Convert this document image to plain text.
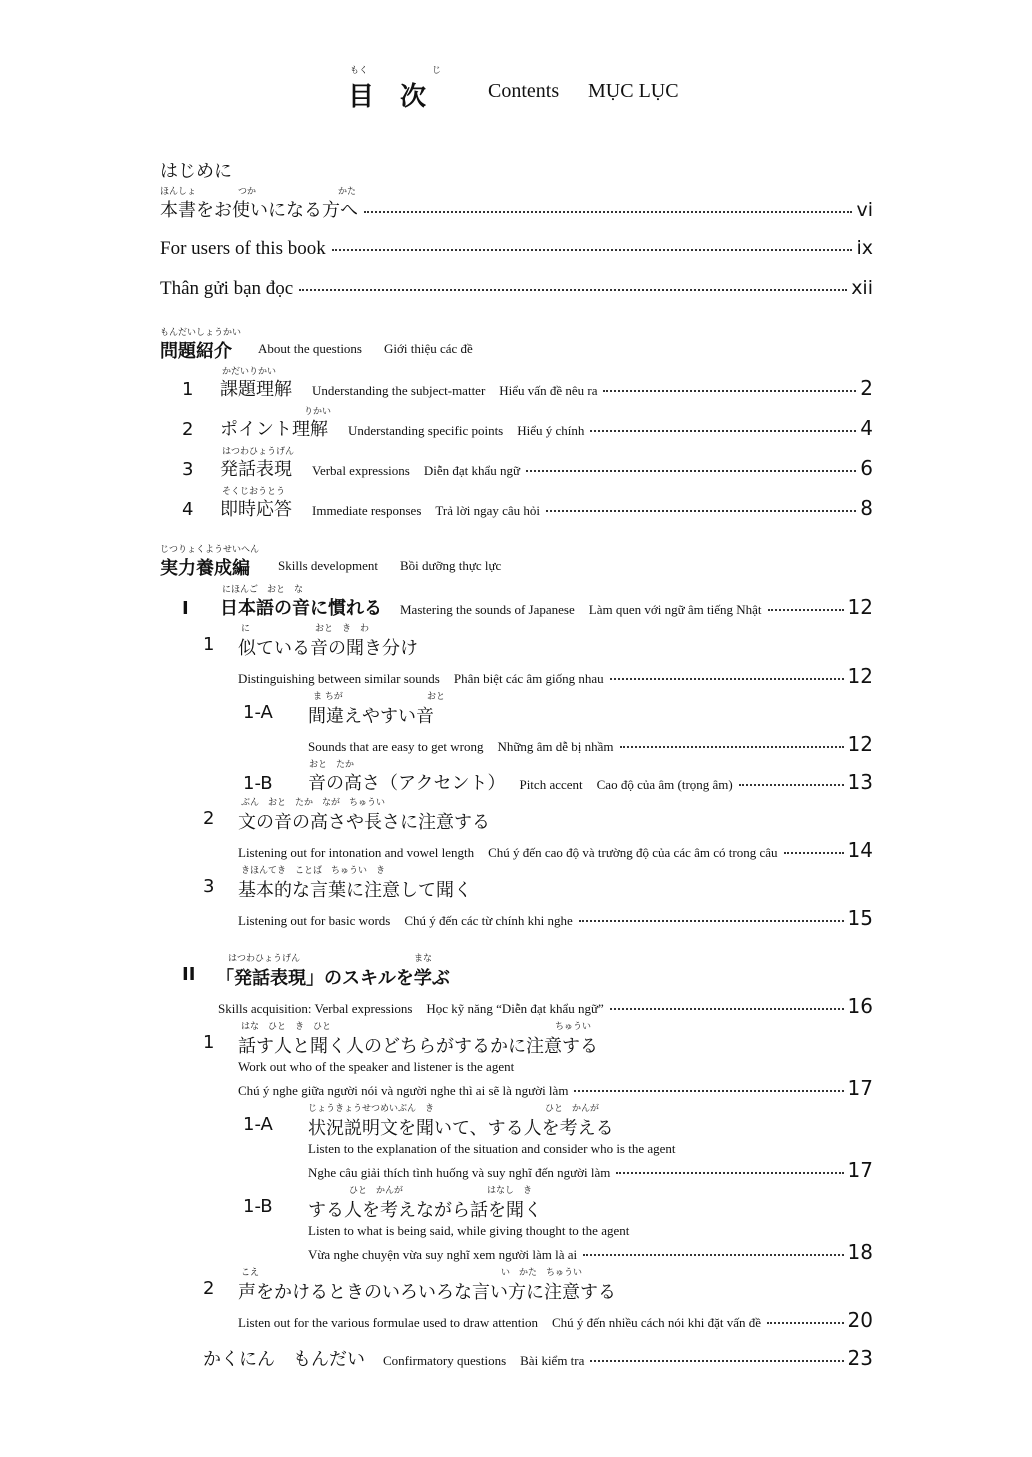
もく	じ
目　次	Contents MỤC LỤC
はじめに
ほんしょ	つか	かた
本書をお使いになる方へ	vi
For users of this book	ix
Thân gửi bạn đọc	xii
もんだいしょうかい
問題紹介 About the questions Giới thiệu các đề
かだいりかい
1	課題理解 Understanding the subject-matter Hiểu vấn đề nêu ra	2
りかい
2	ポイント理解 Understanding specific points Hiểu ý chính	4
はつわひょうげん
3	発話表現 Verbal expressions Diễn đạt khẩu ngữ	6
そくじおうとう
4	即時応答 Immediate responses Trả lời ngay câu hỏi	8
じつりょくようせいへん
実力養成編 Skills development Bồi dưỡng thực lực
にほんご　おと　な
I	日本語の音に慣れる Mastering the sounds of Japanese Làm quen với ngữ âm tiếng Nhật	12
に	おと　き　わ
1 似ている音の聞き分け
Distinguishing between similar sounds Phân biệt các âm giống nhau	12
ま ちが	おと
1-A 間違えやすい音
Sounds that are easy to get wrong Những âm dễ bị nhầm	12
おと　たか
1-B	音の高さ（アクセント） Pitch accent Cao độ của âm (trọng âm)	13
ぶん　おと　たか　なが　ちゅうい
2 文の音の高さや長さに注意する
Listening out for intonation and vowel length Chú ý đến cao độ và trường độ của các âm có trong câu	14
きほんてき　ことば　ちゅうい　き
3 基本的な言葉に注意して聞く
Listening out for basic words Chú ý đến các từ chính khi nghe	15
はつわひょうげん	まな
II 「発話表現」のスキルを学ぶ
Skills acquisition: Verbal expressions Học kỹ năng “Diễn đạt khẩu ngữ”	16
はな　ひと　き　ひと	ちゅうい
1 話す人と聞く人のどちらがするかに注意する
Work out who of the speaker and listener is the agent
Chú ý nghe giữa người nói và người nghe thì ai sẽ là người làm	17
じょうきょうせつめいぶん　き	ひと　かんが
1-A 状況説明文を聞いて、する人を考える
Listen to the explanation of the situation and consider who is the agent
Nghe câu giải thích tình huống và suy nghĩ đến người làm	17
ひと　かんが	はなし　き
1-B する人を考えながら話を聞く
Listen to what is being said, while giving thought to the agent
Vừa nghe chuyện vừa suy nghĩ xem người làm là ai	18
こえ	い　かた　ちゅうい
2 声をかけるときのいろいろな言い方に注意する
Listen out for the various formulae used to draw attention Chú ý đến nhiều cách nói khi đặt vấn đề	20
かくにん　もんだい Confirmatory questions Bài kiểm tra	23
